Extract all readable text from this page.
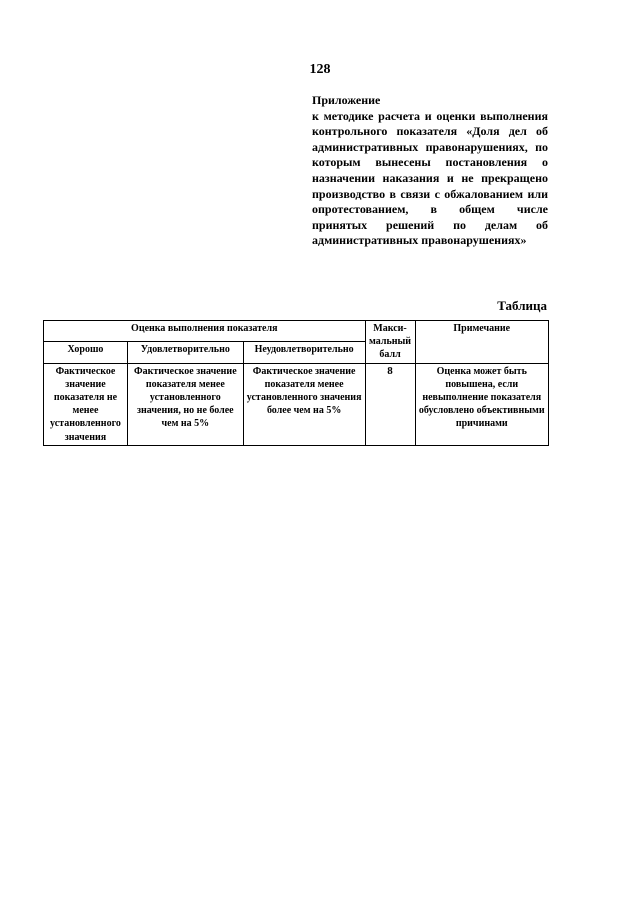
128
Приложение
к методике расчета и оценки выполнения контрольного показателя «Доля дел об административных правонарушениях, по которым вынесены постановления о назначении наказания и не прекращено производство в связи с обжалованием или опротестованием, в общем числе принятых решений по делам об административных правонарушениях»
Таблица
Оценка выполнения показателя			Макси-мальный балл	Примечание
Хорошо	Удовлетворительно	Неудовлетворительно		
Фактическое значение показателя не менее установленного значения	Фактическое значение показателя менее установленного значения, но не более чем на 5%	Фактическое значение показателя менее установленного значения более чем на 5%	8	Оценка может быть повышена, если невыполнение показателя обусловлено объективными причинами
